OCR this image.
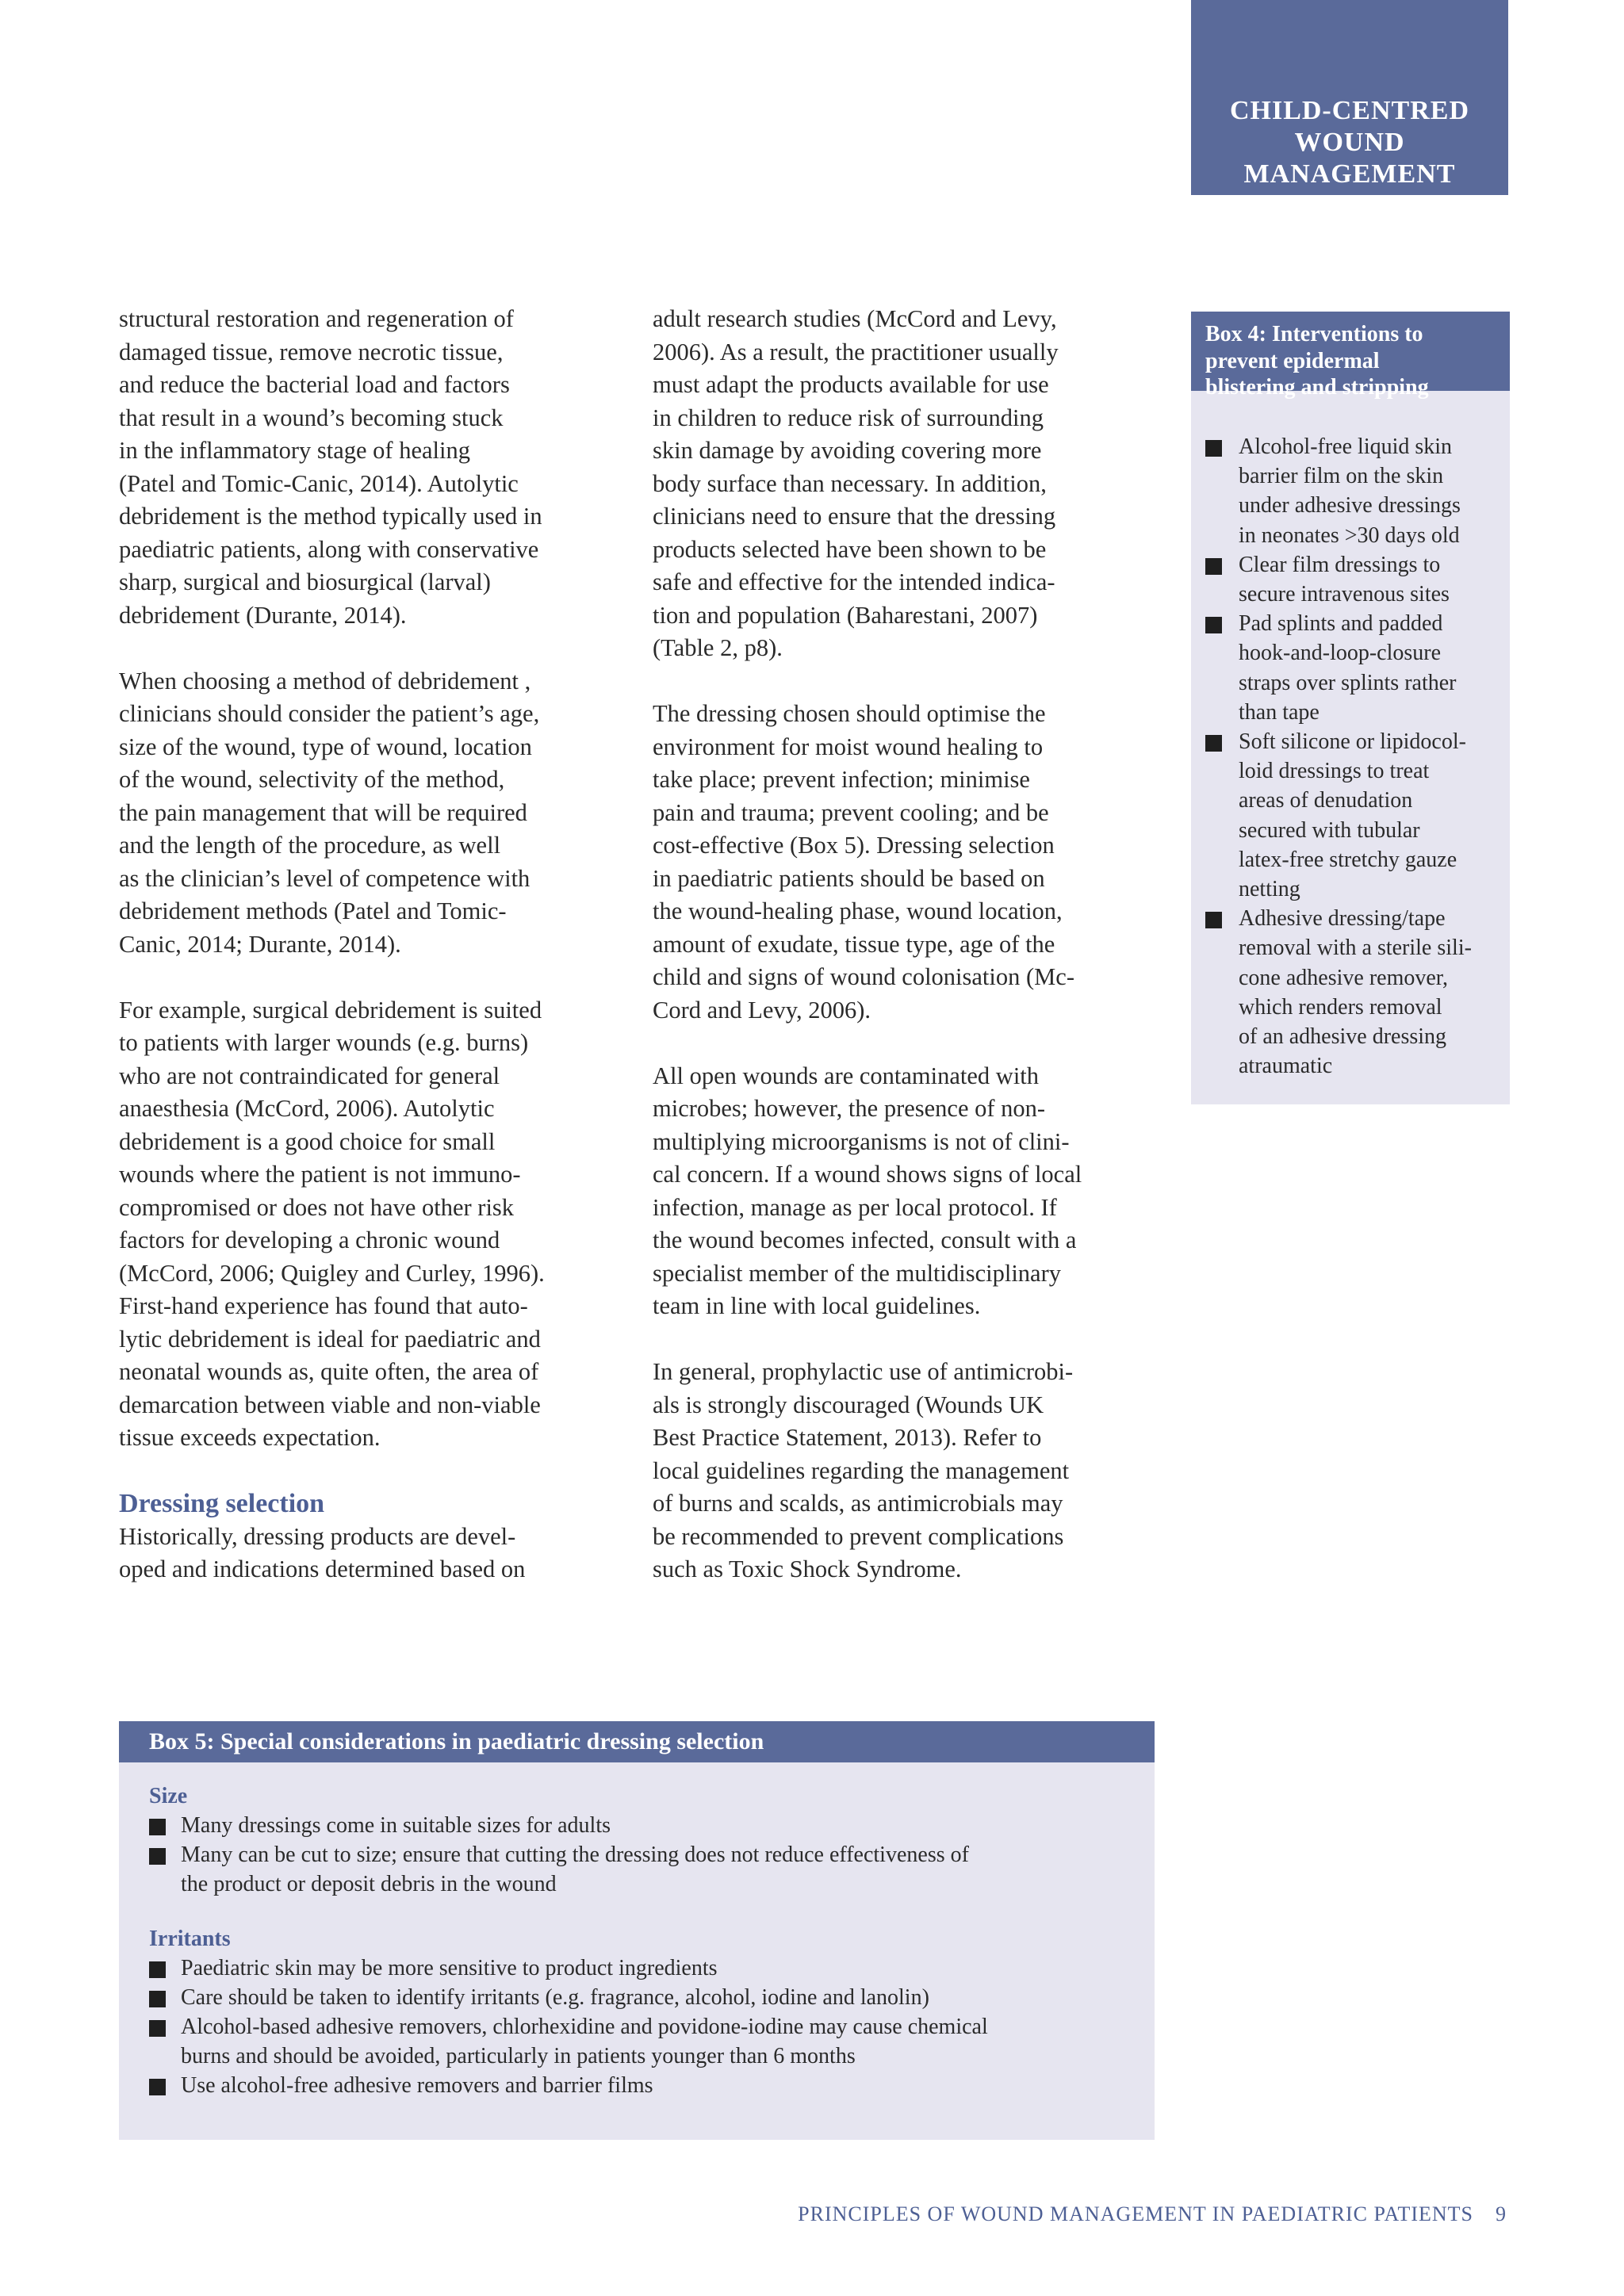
CHILD-CENTRED
WOUND
MANAGEMENT

structural restoration and regeneration of
damaged tissue, remove necrotic tissue,
and reduce the bacterial load and factors
that result in a wound’s becoming stuck
in the inflammatory stage of healing
(Patel and Tomic-Canic, 2014). Autolytic
debridement is the method typically used in
paediatric patients, along with conservative
sharp, surgical and biosurgical (larval)
debridement (Durante, 2014).

When choosing a method of debridement ,
clinicians should consider the patient’s age,
size of the wound, type of wound, location
of the wound, selectivity of the method,
the pain management that will be required
and the length of the procedure, as well
as the clinician’s level of competence with
debridement methods (Patel and Tomic-
Canic, 2014; Durante, 2014).

For example, surgical debridement is suited
to patients with larger wounds (e.g. burns)
who are not contraindicated for general
anaesthesia (McCord, 2006). Autolytic
debridement is a good choice for small
wounds where the patient is not immuno-
compromised or does not have other risk
factors for developing a chronic wound
(McCord, 2006; Quigley and Curley, 1996).
First-hand experience has found that auto-
lytic debridement is ideal for paediatric and
neonatal wounds as, quite often, the area of
demarcation between viable and non-viable
tissue exceeds expectation.

Dressing selection

Historically, dressing products are devel-
oped and indications determined based on

adult research studies (McCord and Levy,
2006). As a result, the practitioner usually
must adapt the products available for use
in children to reduce risk of surrounding
skin damage by avoiding covering more
body surface than necessary. In addition,
clinicians need to ensure that the dressing
products selected have been shown to be
safe and effective for the intended indica-
tion and population (Baharestani, 2007)
(Table 2, p8).

The dressing chosen should optimise the
environment for moist wound healing to
take place; prevent infection; minimise
pain and trauma; prevent cooling; and be
cost-effective (Box 5). Dressing selection
in paediatric patients should be based on
the wound-healing phase, wound location,
amount of exudate, tissue type, age of the
child and signs of wound colonisation (Mc-
Cord and Levy, 2006).

All open wounds are contaminated with
microbes; however, the presence of non-
multiplying microorganisms is not of clini-
cal concern. If a wound shows signs of local
infection, manage as per local protocol. If
the wound becomes infected, consult with a
specialist member of the multidisciplinary
team in line with local guidelines.

In general, prophylactic use of antimicrobi-
als is strongly discouraged (Wounds UK
Best Practice Statement, 2013). Refer to
local guidelines regarding the management
of burns and scalds, as antimicrobials may
be recommended to prevent complications
such as Toxic Shock Syndrome.

Box 4: Interventions to
prevent epidermal
blistering and stripping
Alcohol-free liquid skin
barrier film on the skin
under adhesive dressings
in neonates >30 days old
Clear film dressings to
secure intravenous sites
Pad splints and padded
hook-and-loop-closure
straps over splints rather
than tape
Soft silicone or lipidocol-
loid dressings to treat
areas of denudation
secured with tubular
latex-free stretchy gauze
netting
Adhesive dressing/tape
removal with a sterile sili-
cone adhesive remover,
which renders removal
of an adhesive dressing
atraumatic
Box 5: Special considerations in paediatric dressing selection
Size
Many dressings come in suitable sizes for adults
Many can be cut to size; ensure that cutting the dressing does not reduce effectiveness of
the product or deposit debris in the wound
Irritants
Paediatric skin may be more sensitive to product ingredients
Care should be taken to identify irritants (e.g. fragrance, alcohol, iodine and lanolin)
Alcohol-based adhesive removers, chlorhexidine and povidone-iodine may cause chemical
burns and should be avoided, particularly in patients younger than 6 months
Use alcohol-free adhesive removers and barrier films
PRINCIPLES OF WOUND MANAGEMENT IN PAEDIATRIC PATIENTS 9
